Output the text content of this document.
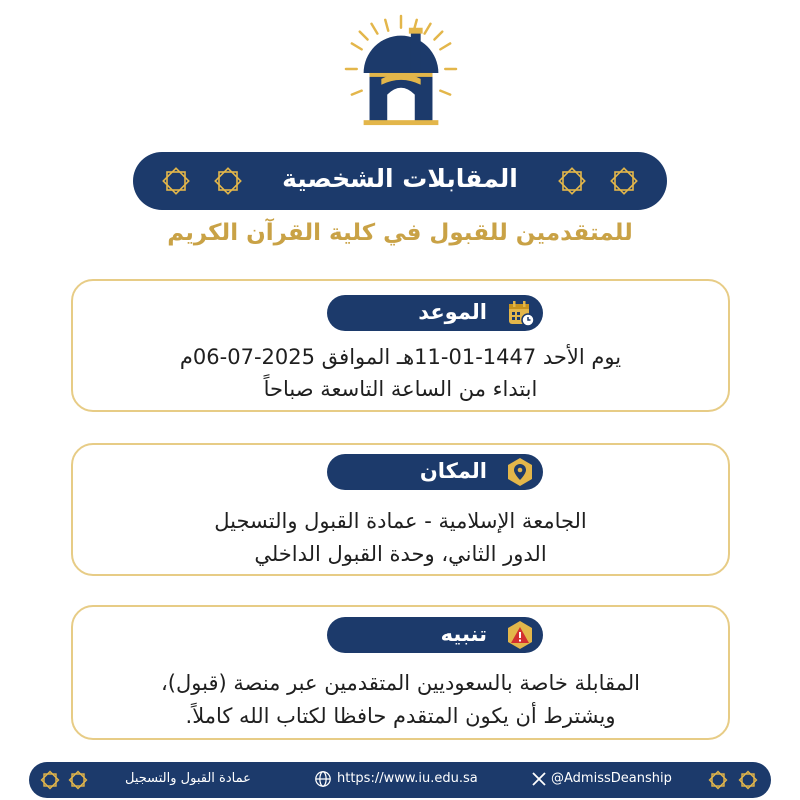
المقابلات الشخصية
للمتقدمين للقبول في كلية القرآن الكريم
الموعد
يوم الأحد 1447-01-11هـ الموافق 2025-07-06م
ابتداء من الساعة التاسعة صباحاً
المكان
الجامعة الإسلامية - عمادة القبول والتسجيل
الدور الثاني، وحدة القبول الداخلي
تنبيه
المقابلة خاصة بالسعوديين المتقدمين عبر منصة (قبول)،
ويشترط أن يكون المتقدم حافظا لكتاب الله كاملاً.
عمادة القبول والتسجيل	https://www.iu.edu.sa	@AdmissDeanship
